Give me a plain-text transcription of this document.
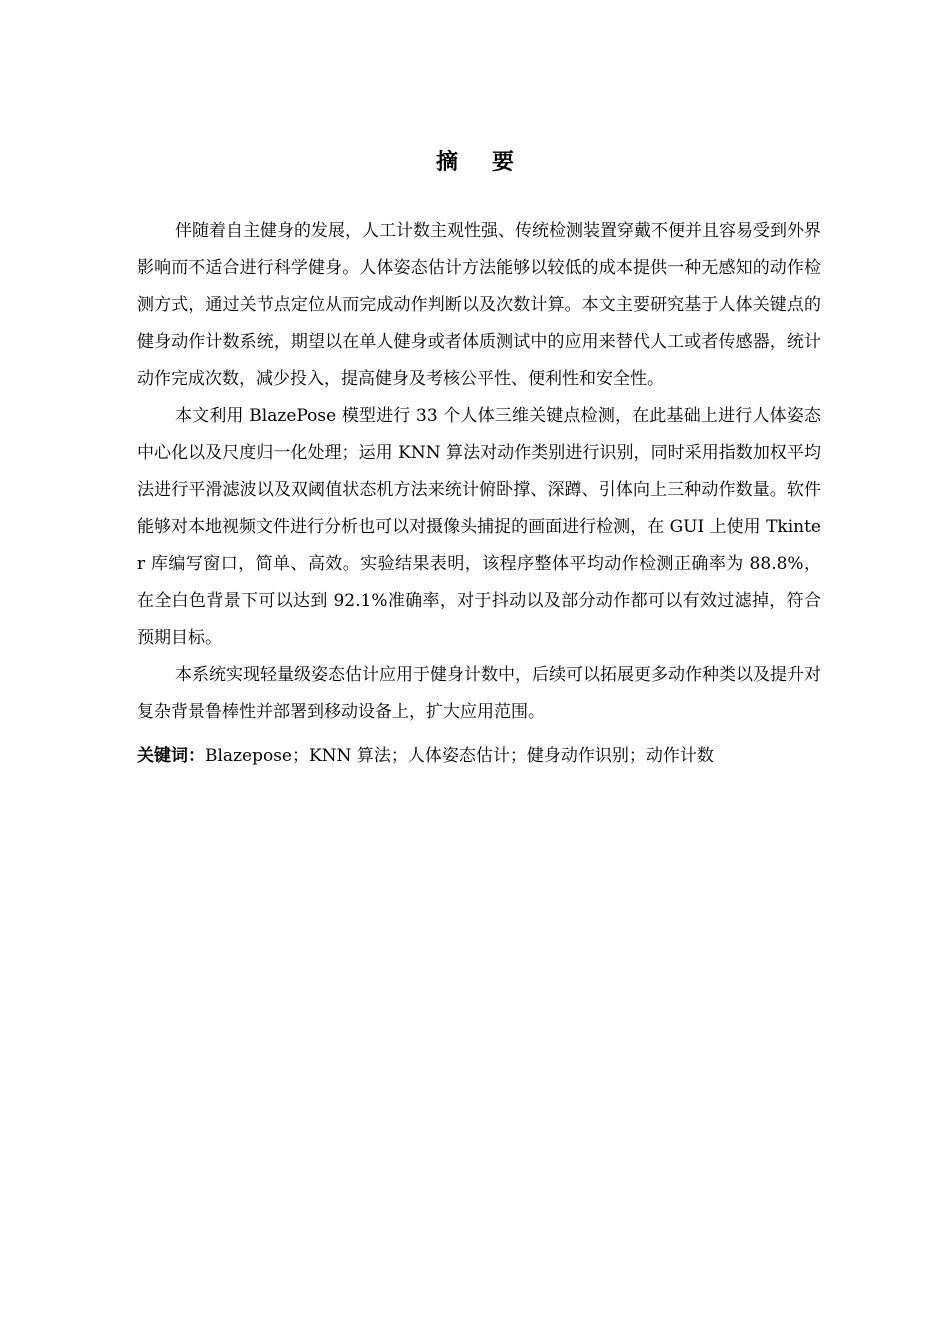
摘 要

伴随着自主健身的发展，人工计数主观性强、传统检测装置穿戴不便并且容易受到外界影响而不适合进行科学健身。人体姿态估计方法能够以较低的成本提供一种无感知的动作检测方式，通过关节点定位从而完成动作判断以及次数计算。本文主要研究基于人体关键点的健身动作计数系统，期望以在单人健身或者体质测试中的应用来替代人工或者传感器，统计动作完成次数，减少投入，提高健身及考核公平性、便利性和安全性。

本文利用 BlazePose 模型进行 33 个人体三维关键点检测，在此基础上进行人体姿态中心化以及尺度归一化处理；运用 KNN 算法对动作类别进行识别，同时采用指数加权平均法进行平滑滤波以及双阈值状态机方法来统计俯卧撑、深蹲、引体向上三种动作数量。软件能够对本地视频文件进行分析也可以对摄像头捕捉的画面进行检测，在 GUI 上使用 Tkinter 库编写窗口，简单、高效。实验结果表明，该程序整体平均动作检测正确率为 88.8%，在全白色背景下可以达到 92.1%准确率，对于抖动以及部分动作都可以有效过滤掉，符合预期目标。

本系统实现轻量级姿态估计应用于健身计数中，后续可以拓展更多动作种类以及提升对复杂背景鲁棒性并部署到移动设备上，扩大应用范围。

关键词：Blazepose；KNN 算法；人体姿态估计；健身动作识别；动作计数
